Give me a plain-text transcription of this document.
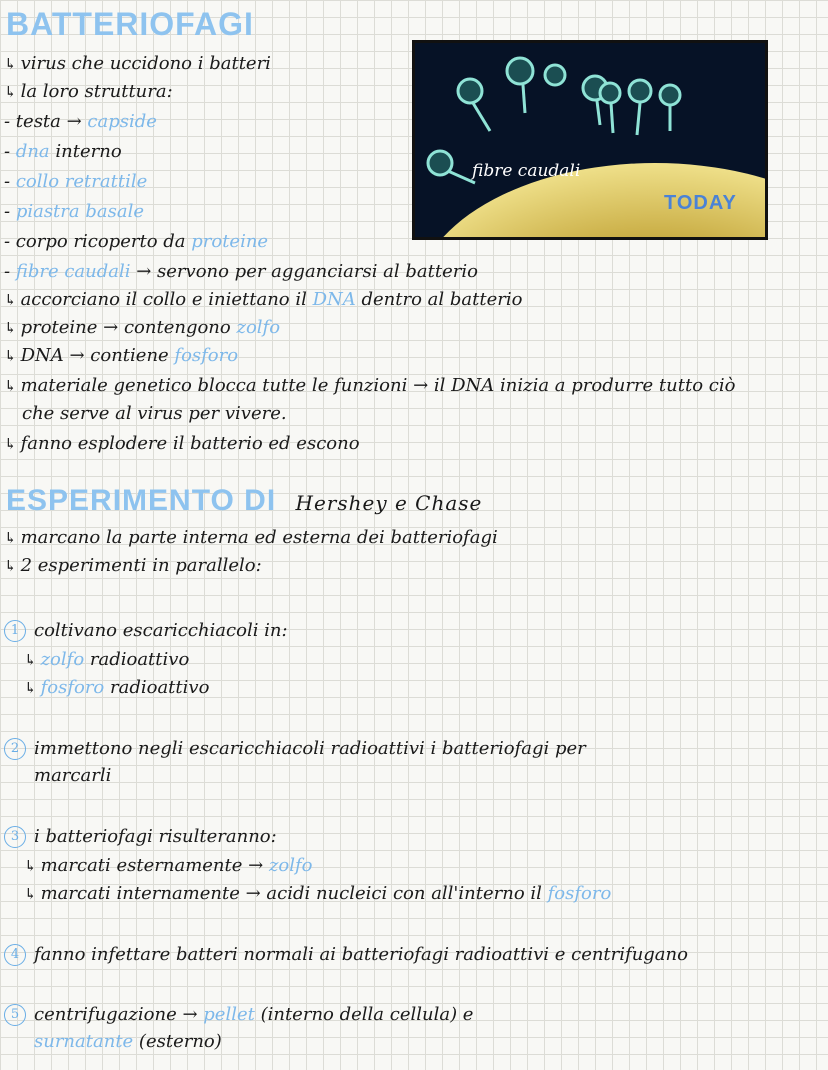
BATTERIOFAGI
↳ virus che uccidono i batteri
↳ la loro struttura:
- testa → capside
- dna interno
- collo retrattile
- piastra basale
- corpo ricoperto da proteine
- fibre caudali → servono per agganciarsi al batterio
↳ accorciano il collo e iniettano il DNA dentro al batterio
↳ proteine → contengono zolfo
↳ DNA → contiene fosforo
↳ materiale genetico blocca tutte le funzioni → il DNA inizia a produrre tutto ciò
che serve al virus per vivere.
↳ fanno esplodere il batterio ed escono
fibre caudali
TODAY
ESPERIMENTO DI Hershey e Chase
↳ marcano la parte interna ed esterna dei batteriofagi
↳ 2 esperimenti in parallelo:
1 coltivano escaricchiacoli in:
↳ zolfo radioattivo
↳ fosforo radioattivo
2 immettono negli escaricchiacoli radioattivi i batteriofagi per
marcarli
3 i batteriofagi risulteranno:
↳ marcati esternamente → zolfo
↳ marcati internamente → acidi nucleici con all'interno il fosforo
4 fanno infettare batteri normali ai batteriofagi radioattivi e centrifugano
5 centrifugazione → pellet (interno della cellula) e
surnatante (esterno)
